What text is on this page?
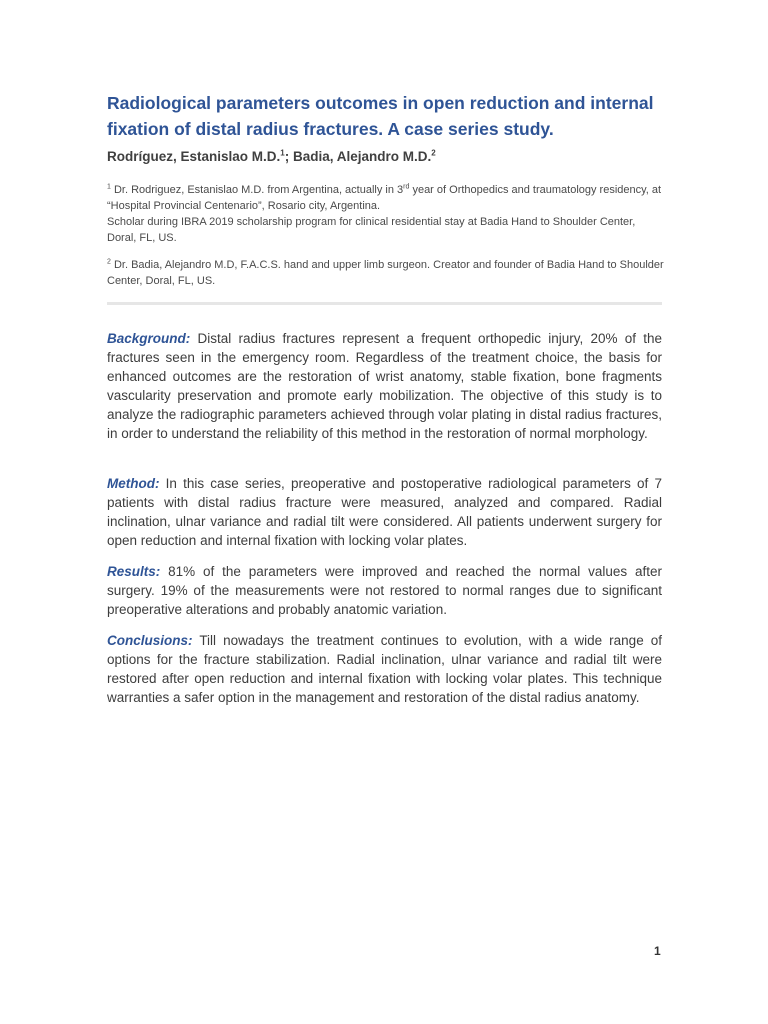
Radiological parameters outcomes in open reduction and internal fixation of distal radius fractures. A case series study.

Rodríguez, Estanislao M.D.$^1$; Badia, Alejandro M.D.$^2$

$^1$ Dr. Rodriguez, Estanislao M.D. from Argentina, actually in 3rd year of Orthopedics and traumatology residency, at “Hospital Provincial Centenario”, Rosario city, Argentina.
Scholar during IBRA 2019 scholarship program for clinical residential stay at Badia Hand to Shoulder Center, Doral, FL, US.

$^2$ Dr. Badia, Alejandro M.D, F.A.C.S. hand and upper limb surgeon. Creator and founder of Badia Hand to Shoulder Center, Doral, FL, US.

Background: Distal radius fractures represent a frequent orthopedic injury, 20% of the fractures seen in the emergency room. Regardless of the treatment choice, the basis for enhanced outcomes are the restoration of wrist anatomy, stable fixation, bone fragments vascularity preservation and promote early mobilization. The objective of this study is to analyze the radiographic parameters achieved through volar plating in distal radius fractures, in order to understand the reliability of this method in the restoration of normal morphology.

Method: In this case series, preoperative and postoperative radiological parameters of 7 patients with distal radius fracture were measured, analyzed and compared. Radial inclination, ulnar variance and radial tilt were considered. All patients underwent surgery for open reduction and internal fixation with locking volar plates.

Results: 81% of the parameters were improved and reached the normal values after surgery. 19% of the measurements were not restored to normal ranges due to significant preoperative alterations and probably anatomic variation.

Conclusions: Till nowadays the treatment continues to evolution, with a wide range of options for the fracture stabilization. Radial inclination, ulnar variance and radial tilt were restored after open reduction and internal fixation with locking volar plates. This technique warranties a safer option in the management and restoration of the distal radius anatomy.

1
